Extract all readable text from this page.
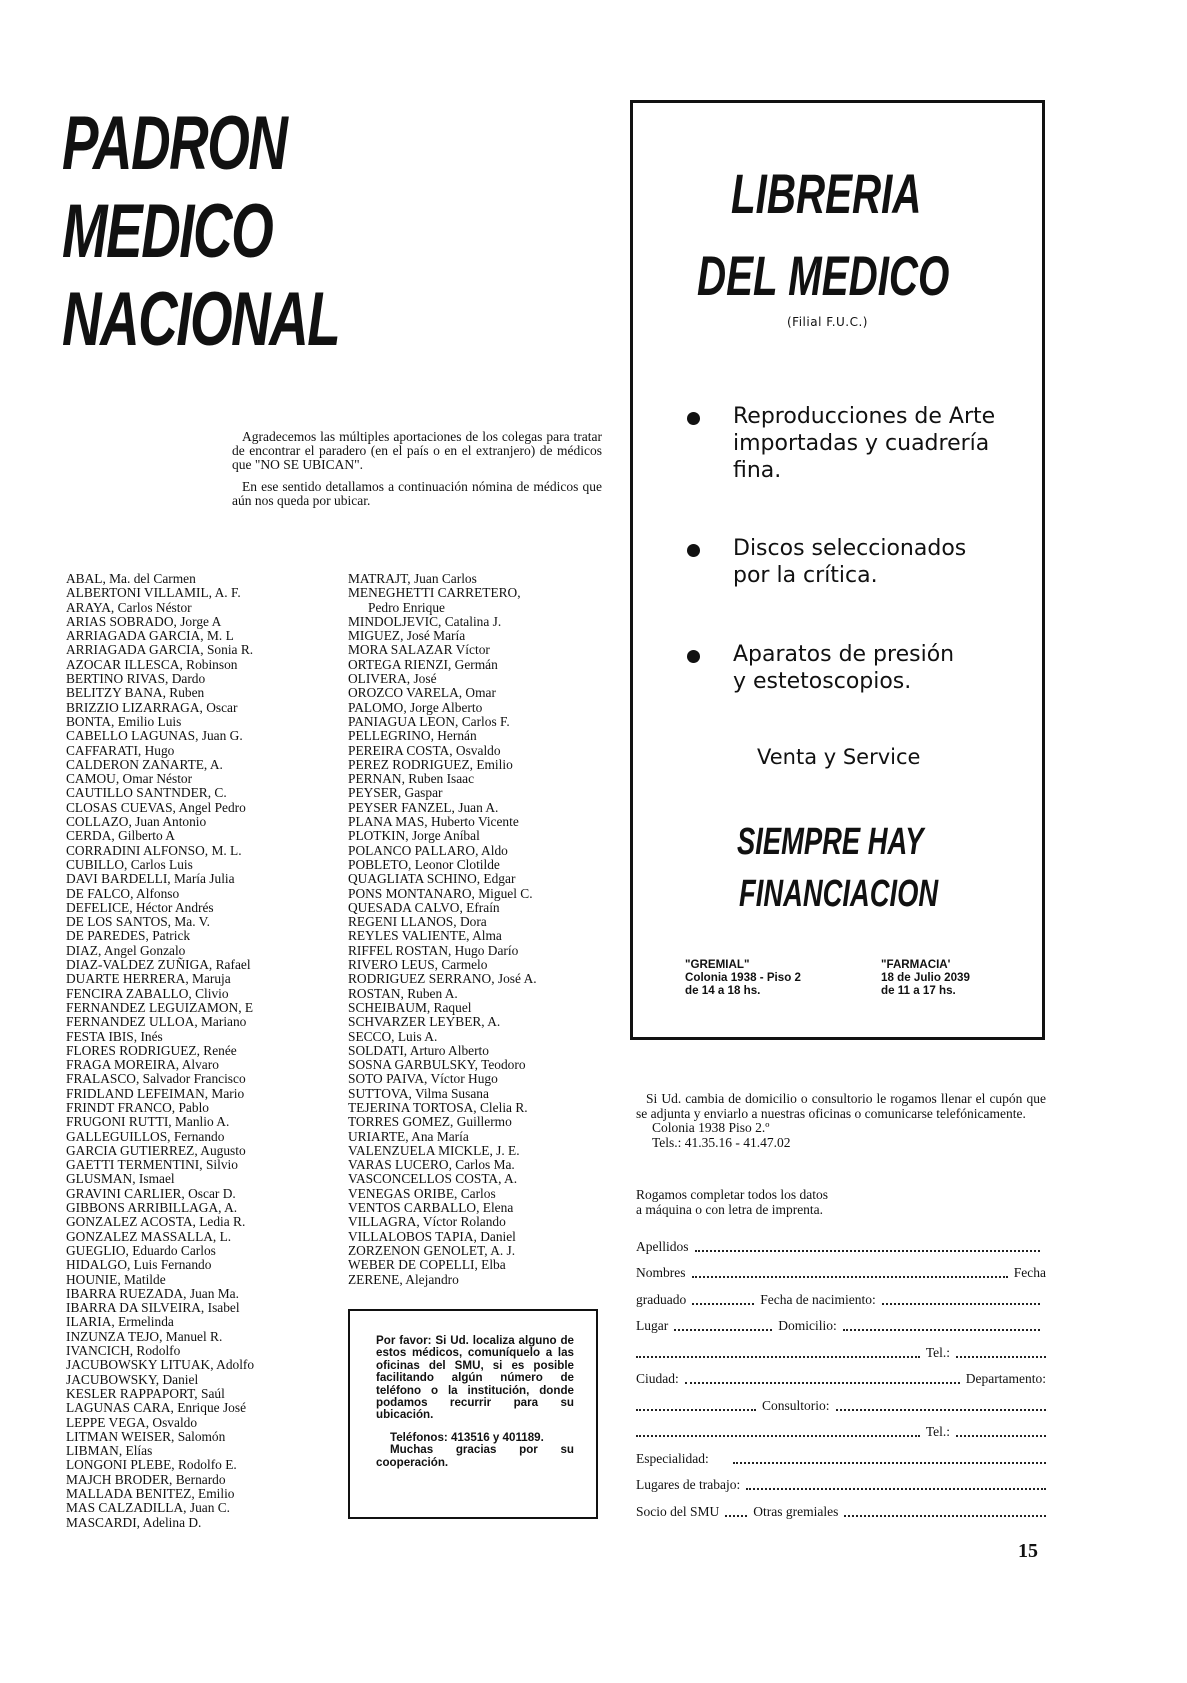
PADRON
MEDICO
NACIONAL

Agradecemos las múltiples aportaciones de los colegas para tratar de encontrar el paradero (en el país o en el extranjero) de médicos que "NO SE UBICAN".

En ese sentido detallamos a continuación nómina de médicos que aún nos queda por ubicar.

ABAL, Ma. del Carmen
ALBERTONI VILLAMIL, A. F.
ARAYA, Carlos Néstor
ARIAS SOBRADO, Jorge A
ARRIAGADA GARCIA, M. L
ARRIAGADA GARCIA, Sonia R.
AZOCAR ILLESCA, Robinson
BERTINO RIVAS, Dardo
BELITZY BANA, Ruben
BRIZZIO LIZARRAGA, Oscar
BONTA, Emilio Luis
CABELLO LAGUNAS, Juan G.
CAFFARATI, Hugo
CALDERON ZANARTE, A.
CAMOU, Omar Néstor
CAUTILLO SANTNDER, C.
CLOSAS CUEVAS, Angel Pedro
COLLAZO, Juan Antonio
CERDA, Gilberto A
CORRADINI ALFONSO, M. L.
CUBILLO, Carlos Luis
DAVI BARDELLI, María Julia
DE FALCO, Alfonso
DEFELICE, Héctor Andrés
DE LOS SANTOS, Ma. V.
DE PAREDES, Patrick
DIAZ, Angel Gonzalo
DIAZ-VALDEZ ZUÑIGA, Rafael
DUARTE HERRERA, Maruja
FENCIRA ZABALLO, Clivio
FERNANDEZ LEGUIZAMON, E
FERNANDEZ ULLOA, Mariano
FESTA IBIS, Inés
FLORES RODRIGUEZ, Renée
FRAGA MOREIRA, Alvaro
FRALASCO, Salvador Francisco
FRIDLAND LEFEIMAN, Mario
FRINDT FRANCO, Pablo
FRUGONI RUTTI, Manlio A.
GALLEGUILLOS, Fernando
GARCIA GUTIERREZ, Augusto
GAETTI TERMENTINI, Silvio
GLUSMAN, Ismael
GRAVINI CARLIER, Oscar D.
GIBBONS ARRIBILLAGA, A.
GONZALEZ ACOSTA, Ledia R.
GONZALEZ MASSALLA, L.
GUEGLIO, Eduardo Carlos
HIDALGO, Luis Fernando
HOUNIE, Matilde
IBARRA RUEZADA, Juan Ma.
IBARRA DA SILVEIRA, Isabel
ILARIA, Ermelinda
INZUNZA TEJO, Manuel R.
IVANCICH, Rodolfo
JACUBOWSKY LITUAK, Adolfo
JACUBOWSKY, Daniel
KESLER RAPPAPORT, Saúl
LAGUNAS CARA, Enrique José
LEPPE VEGA, Osvaldo
LITMAN WEISER, Salomón
LIBMAN, Elías
LONGONI PLEBE, Rodolfo E.
MAJCH BRODER, Bernardo
MALLADA BENITEZ, Emilio
MAS CALZADILLA, Juan C.
MASCARDI, Adelina D.
MATRAJT, Juan Carlos
MENEGHETTI CARRETERO,
Pedro Enrique
MINDOLJEVIC, Catalina J.
MIGUEZ, José María
MORA SALAZAR Víctor
ORTEGA RIENZI, Germán
OLIVERA, José
OROZCO VARELA, Omar
PALOMO, Jorge Alberto
PANIAGUA LEON, Carlos F.
PELLEGRINO, Hernán
PEREIRA COSTA, Osvaldo
PEREZ RODRIGUEZ, Emilio
PERNAN, Ruben Isaac
PEYSER, Gaspar
PEYSER FANZEL, Juan A.
PLANA MAS, Huberto Vicente
PLOTKIN, Jorge Aníbal
POLANCO PALLARO, Aldo
POBLETO, Leonor Clotilde
QUAGLIATA SCHINO, Edgar
PONS MONTANARO, Miguel C.
QUESADA CALVO, Efraín
REGENI LLANOS, Dora
REYLES VALIENTE, Alma
RIFFEL ROSTAN, Hugo Darío
RIVERO LEUS, Carmelo
RODRIGUEZ SERRANO, José A.
ROSTAN, Ruben A.
SCHEIBAUM, Raquel
SCHVARZER LEYBER, A.
SECCO, Luis A.
SOLDATI, Arturo Alberto
SOSNA GARBULSKY, Teodoro
SOTO PAIVA, Víctor Hugo
SUTTOVA, Vilma Susana
TEJERINA TORTOSA, Clelia R.
TORRES GOMEZ, Guillermo
URIARTE, Ana María
VALENZUELA MICKLE, J. E.
VARAS LUCERO, Carlos Ma.
VASCONCELLOS COSTA, A.
VENEGAS ORIBE, Carlos
VENTOS CARBALLO, Elena
VILLAGRA, Víctor Rolando
VILLALOBOS TAPIA, Daniel
ZORZENON GENOLET, A. J.
WEBER DE COPELLI, Elba
ZERENE, Alejandro

Por favor: Si Ud. localiza alguno de estos médicos, comuníquelo a las oficinas del SMU, si es posible facilitando algún número de teléfono o la institución, donde podamos recurrir para su ubicación.

Teléfonos: 413516 y 401189.

Muchas gracias por su cooperación.

LIBRERIA
DEL MEDICO
(Filial F.U.C.)
Reproducciones de Arte importadas y cuadrería fina.
Discos seleccionados por la crítica.
Aparatos de presión y estetoscopios.
Venta y Service
SIEMPRE HAY
FINANCIACION
"GREMIAL"
Colonia 1938 - Piso 2
de 14 a 18 hs.
"FARMACIA'
18 de Julio 2039
de 11 a 17 hs.

Si Ud. cambia de domicilio o consultorio le rogamos llenar el cupón que se adjunta y enviarlo a nuestras oficinas o comunicarse telefónicamente.

Colonia 1938 Piso 2.º

Tels.: 41.35.16 - 41.47.02

Rogamos completar todos los datos
a máquina o con letra de imprenta.
Apellidos
Nombres	Fecha
graduado	Fecha de nacimiento:
Lugar	Domicilio:
Tel.:
Ciudad:	Departamento:
Consultorio:
Tel.:
Especialidad:
Lugares de trabajo:
Socio del SMU	Otras gremiales
15
